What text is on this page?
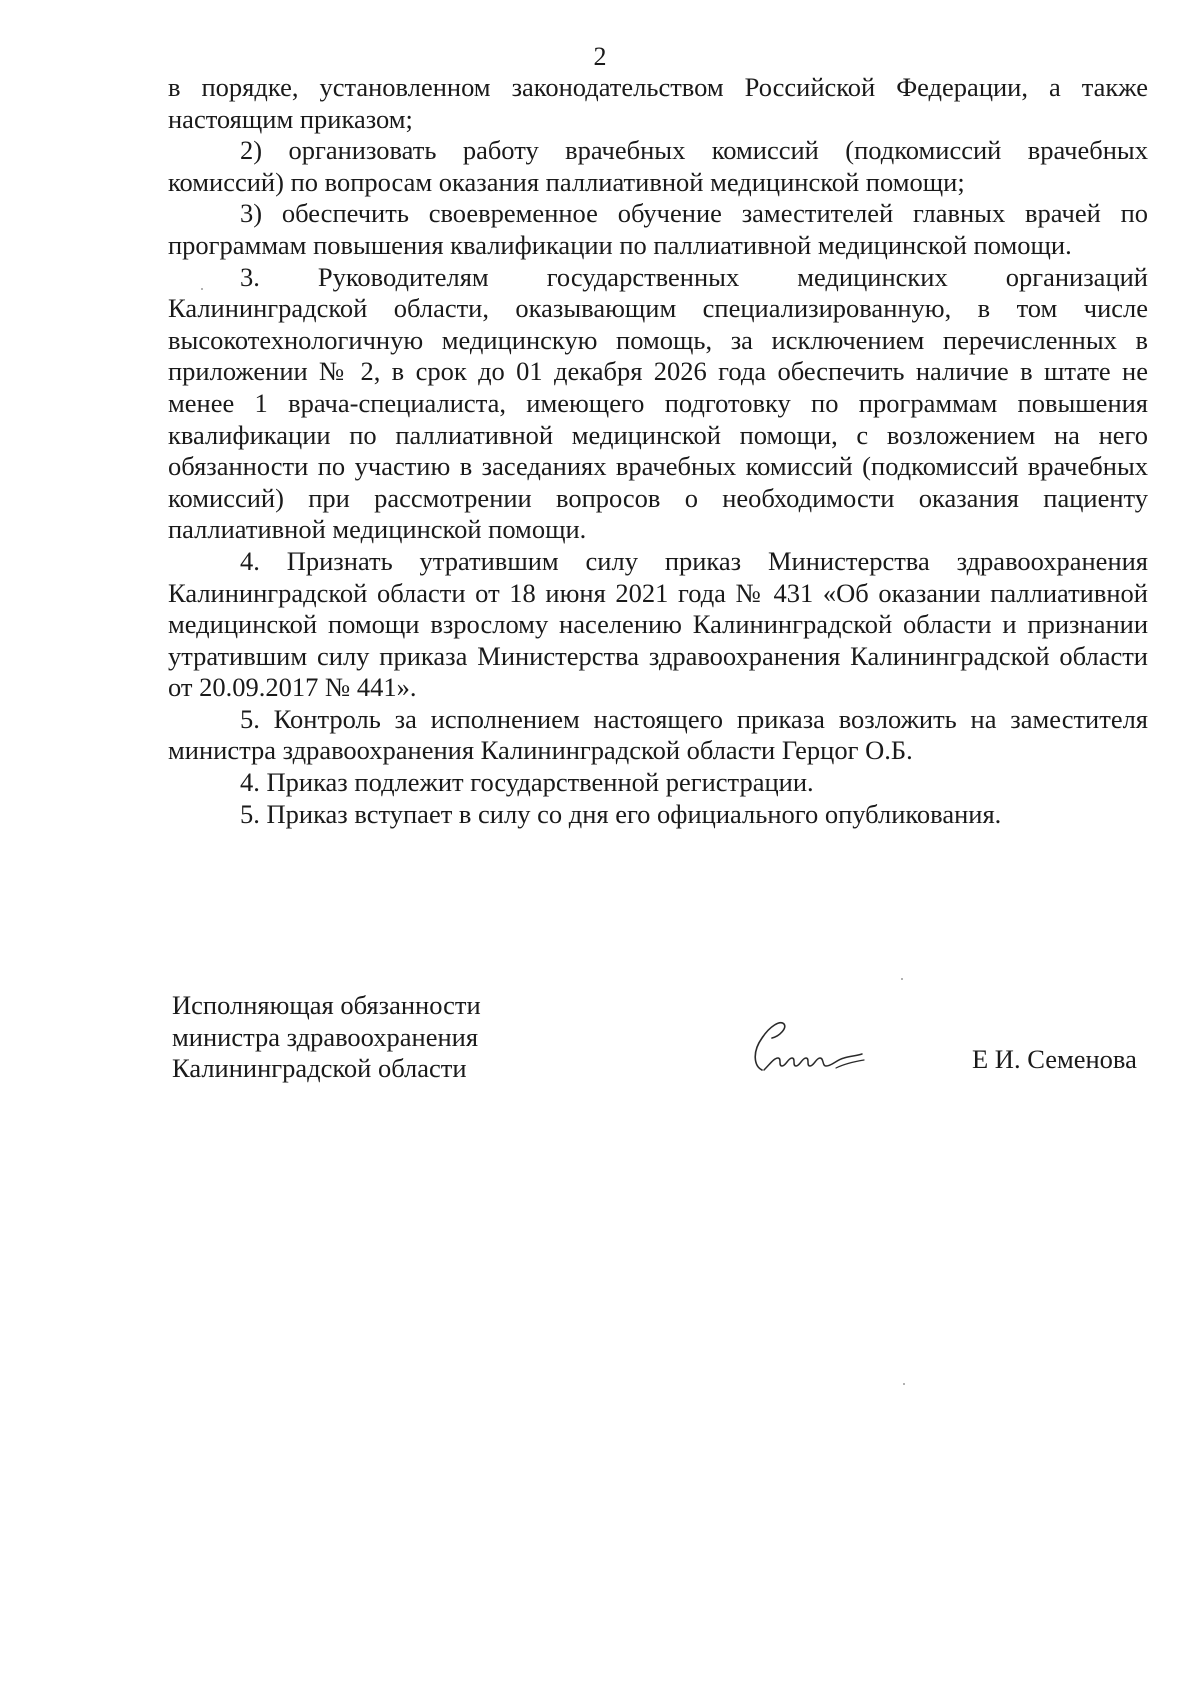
2

в порядке, установленном законодательством Российской Федерации, а также настоящим приказом;

2) организовать работу врачебных комиссий (подкомиссий врачебных комиссий) по вопросам оказания паллиативной медицинской помощи;

3) обеспечить своевременное обучение заместителей главных врачей по программам повышения квалификации по паллиативной медицинской помощи.

3. Руководителям государственных медицинских организаций Калининградской области, оказывающим специализированную, в том числе высокотехнологичную медицинскую помощь, за исключением перечисленных в приложении № 2, в срок до 01 декабря 2026 года обеспечить наличие в штате не менее 1 врача-специалиста, имеющего подготовку по программам повышения квалификации по паллиативной медицинской помощи, с возложением на него обязанности по участию в заседаниях врачебных комиссий (подкомиссий врачебных комиссий) при рассмотрении вопросов о необходимости оказания пациенту паллиативной медицинской помощи.

4. Признать утратившим силу приказ Министерства здравоохранения Калининградской области от 18 июня 2021 года № 431 «Об оказании паллиативной медицинской помощи взрослому населению Калининградской области и признании утратившим силу приказа Министерства здравоохранения Калининградской области от 20.09.2017 № 441».

5. Контроль за исполнением настоящего приказа возложить на заместителя министра здравоохранения Калининградской области Герцог О.Б.

4. Приказ подлежит государственной регистрации.

5. Приказ вступает в силу со дня его официального опубликования.

Исполняющая обязанности
министра здравоохранения
Калининградской области	Е И. Семенова
